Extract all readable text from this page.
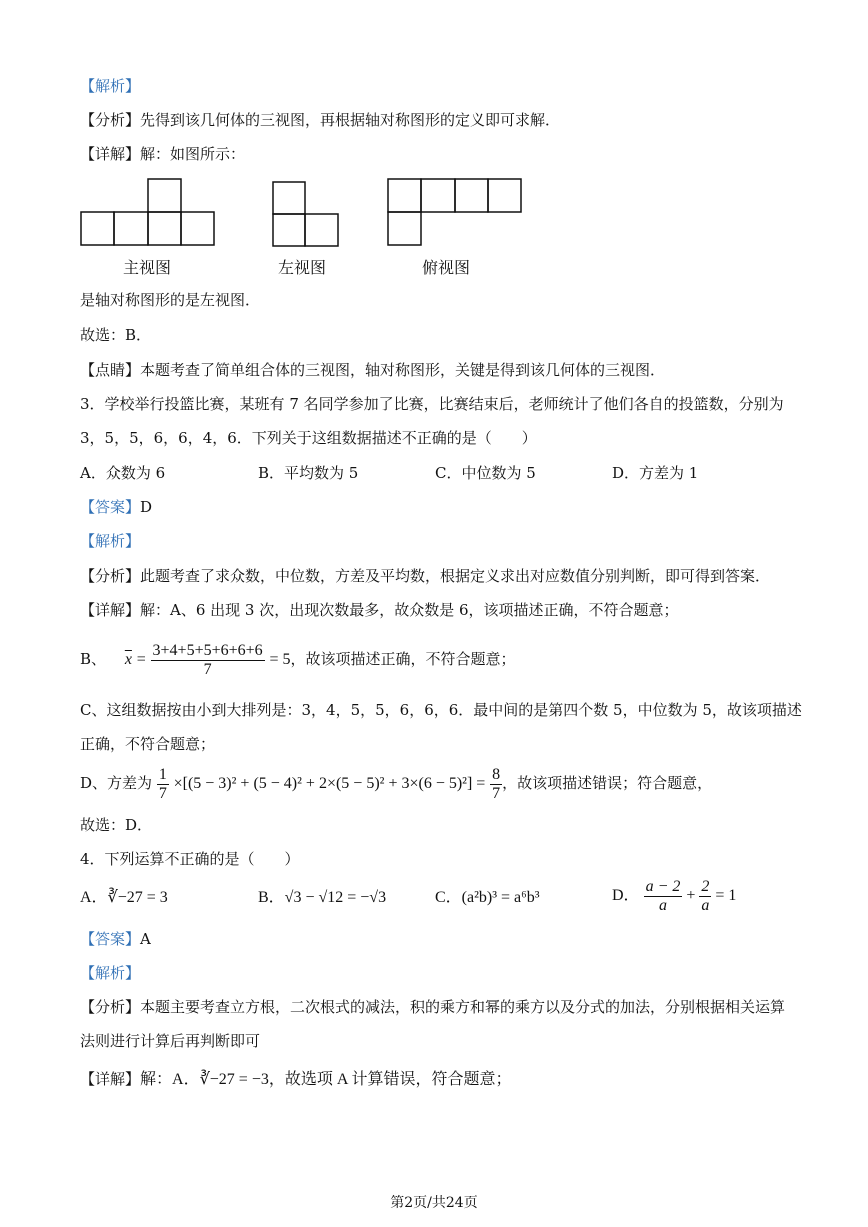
【解析】
【分析】先得到该几何体的三视图，再根据轴对称图形的定义即可求解．
【详解】解：如图所示：
主视图	左视图	俯视图
是轴对称图形的是左视图．
故选：B．
【点睛】本题考查了简单组合体的三视图，轴对称图形，关键是得到该几何体的三视图．
3．学校举行投篮比赛，某班有 7 名同学参加了比赛，比赛结束后，老师统计了他们各自的投篮数，分别为
3，5，5，6，6，4，6．下列关于这组数据描述不正确的是（　　）
A．众数为 6	B．平均数为 5	C．中位数为 5	D．方差为 1
【答案】D
【解析】
【分析】此题考查了求众数，中位数，方差及平均数，根据定义求出对应数值分别判断，即可得到答案．
【详解】解：A、6 出现 3 次，出现次数最多，故众数是 6，该项描述正确，不符合题意；
B、 $\overline{x} = \frac{3+4+5+5+6+6+6}{7} = 5$，故该项描述正确，不符合题意；
C、这组数据按由小到大排列是：3，4，5，5，6，6，6．最中间的是第四个数 5，中位数为 5，故该项描述
正确，不符合题意；
D、方差为 $\frac{1}{7} \times[(5 - 3)^2 + (5 - 4)^2 + 2\times(5 - 5)^2 + 3\times(6 - 5)^2] = \frac{8}{7}$ ，故该项描述错误；符合题意，
故选：D．
4．下列运算不正确的是（　　）
A．∛−27 = 3	B．√3 − √12 = −√3	C．(a²b)³ = a⁶b³	D． $\frac{a - 2}{a} + \frac{2}{a} = 1$
【答案】A
【解析】
【分析】本题主要考查立方根，二次根式的减法，积的乘方和幂的乘方以及分式的加法，分别根据相关运算
法则进行计算后再判断即可
【详解】解：A．∛−27 = −3，故选项 A 计算错误，符合题意；
第2页/共24页
